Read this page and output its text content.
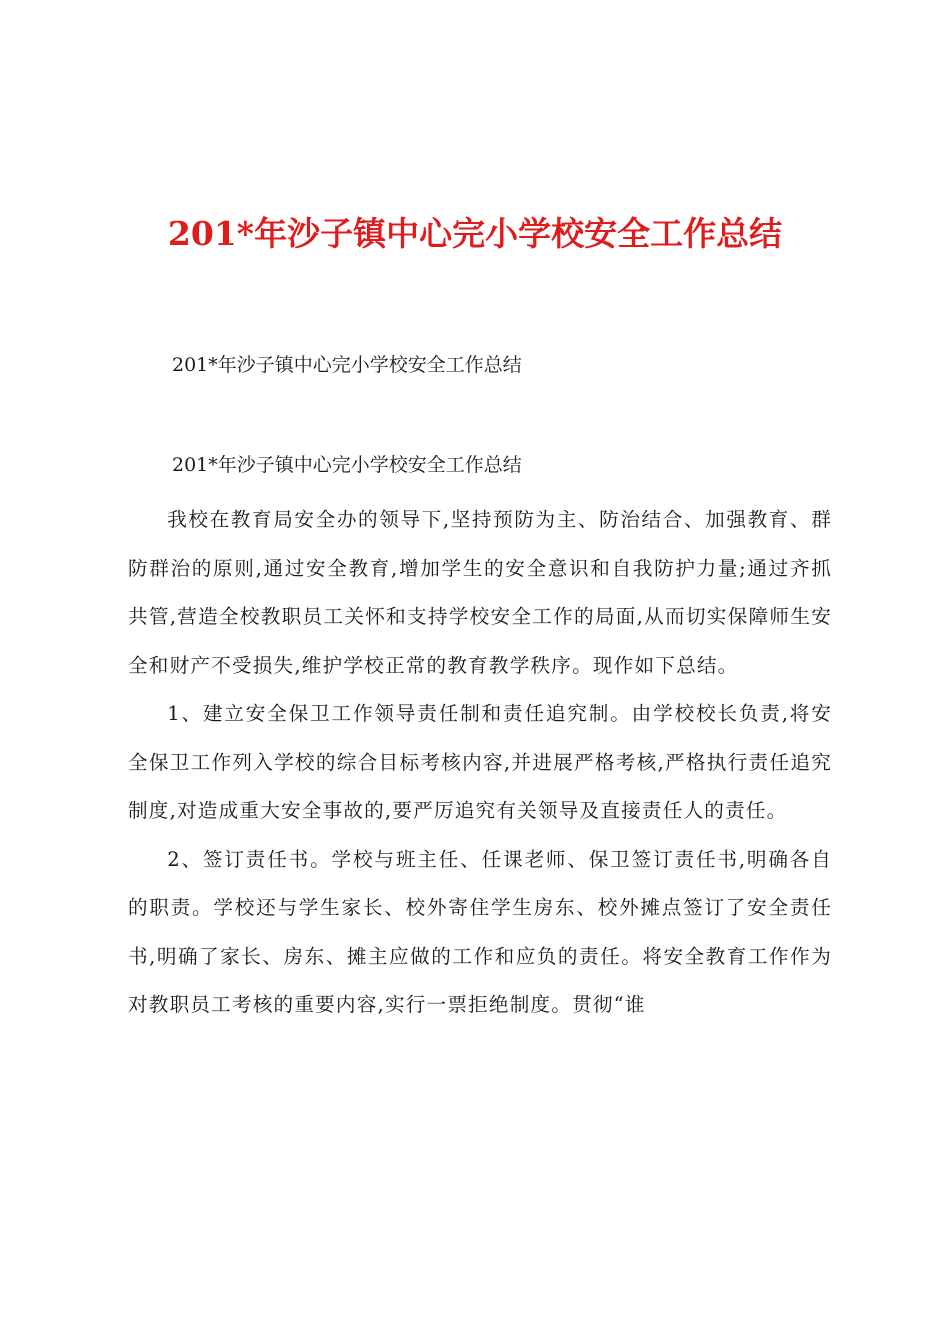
201*年沙子镇中心完小学校安全工作总结

201*年沙子镇中心完小学校安全工作总结

201*年沙子镇中心完小学校安全工作总结

我校在教育局安全办的领导下,坚持预防为主、防治结合、加强教育、群防群治的原则,通过安全教育,增加学生的安全意识和自我防护力量;通过齐抓共管,营造全校教职员工关怀和支持学校安全工作的局面,从而切实保障师生安全和财产不受损失,维护学校正常的教育教学秩序。现作如下总结。

1、建立安全保卫工作领导责任制和责任追究制。由学校校长负责,将安全保卫工作列入学校的综合目标考核内容,并进展严格考核,严格执行责任追究制度,对造成重大安全事故的,要严厉追究有关领导及直接责任人的责任。

2、签订责任书。学校与班主任、任课老师、保卫签订责任书,明确各自的职责。学校还与学生家长、校外寄住学生房东、校外摊点签订了安全责任书,明确了家长、房东、摊主应做的工作和应负的责任。将安全教育工作作为对教职员工考核的重要内容,实行一票拒绝制度。贯彻“谁
